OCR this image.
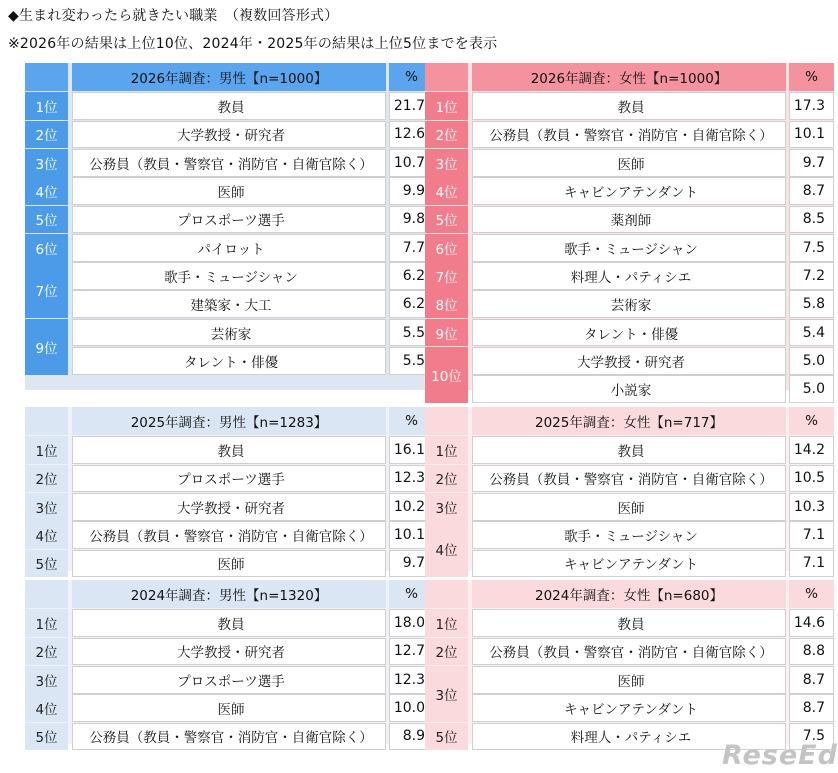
◆生まれ変わったら就きたい職業　（複数回答形式）
※2026年の結果は上位10位、2024年・2025年の結果は上位5位までを表示
2026年調査：男性【n=1000】	%
1位	教員	21.7
2位	大学教授・研究者	12.6
3位	公務員（教員・警察官・消防官・自衛官除く）	10.7
4位	医師	9.9
5位	プロスポーツ選手	9.8
6位	パイロット	7.7
7位
歌手・ミュージシャン	6.2
建築家・大工	6.2
9位
芸術家	5.5
タレント・俳優	5.5
2026年調査：女性【n=1000】	%
1位	教員	17.3
2位	公務員（教員・警察官・消防官・自衛官除く）	10.1
3位	医師	9.7
4位	キャビンアテンダント	8.7
5位	薬剤師	8.5
6位	歌手・ミュージシャン	7.5
7位	料理人・パティシエ	7.2
8位	芸術家	5.8
9位	タレント・俳優	5.4
10位
大学教授・研究者	5.0
小説家	5.0
2025年調査：男性【n=1283】	%
1位	教員	16.1
2位	プロスポーツ選手	12.3
3位	大学教授・研究者	10.2
4位	公務員（教員・警察官・消防官・自衛官除く）	10.1
5位	医師	9.7
2025年調査：女性【n=717】	%
1位	教員	14.2
2位	公務員（教員・警察官・消防官・自衛官除く）	10.5
3位	医師	10.3
4位
歌手・ミュージシャン	7.1
キャビンアテンダント	7.1
2024年調査：男性【n=1320】	%
1位	教員	18.0
2位	大学教授・研究者	12.7
3位	プロスポーツ選手	12.3
4位	医師	10.0
5位	公務員（教員・警察官・消防官・自衛官除く）	8.9
2024年調査：女性【n=680】	%
1位	教員	14.6
2位	公務員（教員・警察官・消防官・自衛官除く）	8.8
3位
医師	8.7
キャビンアテンダント	8.7
5位	料理人・パティシエ	7.5
ReseEd
